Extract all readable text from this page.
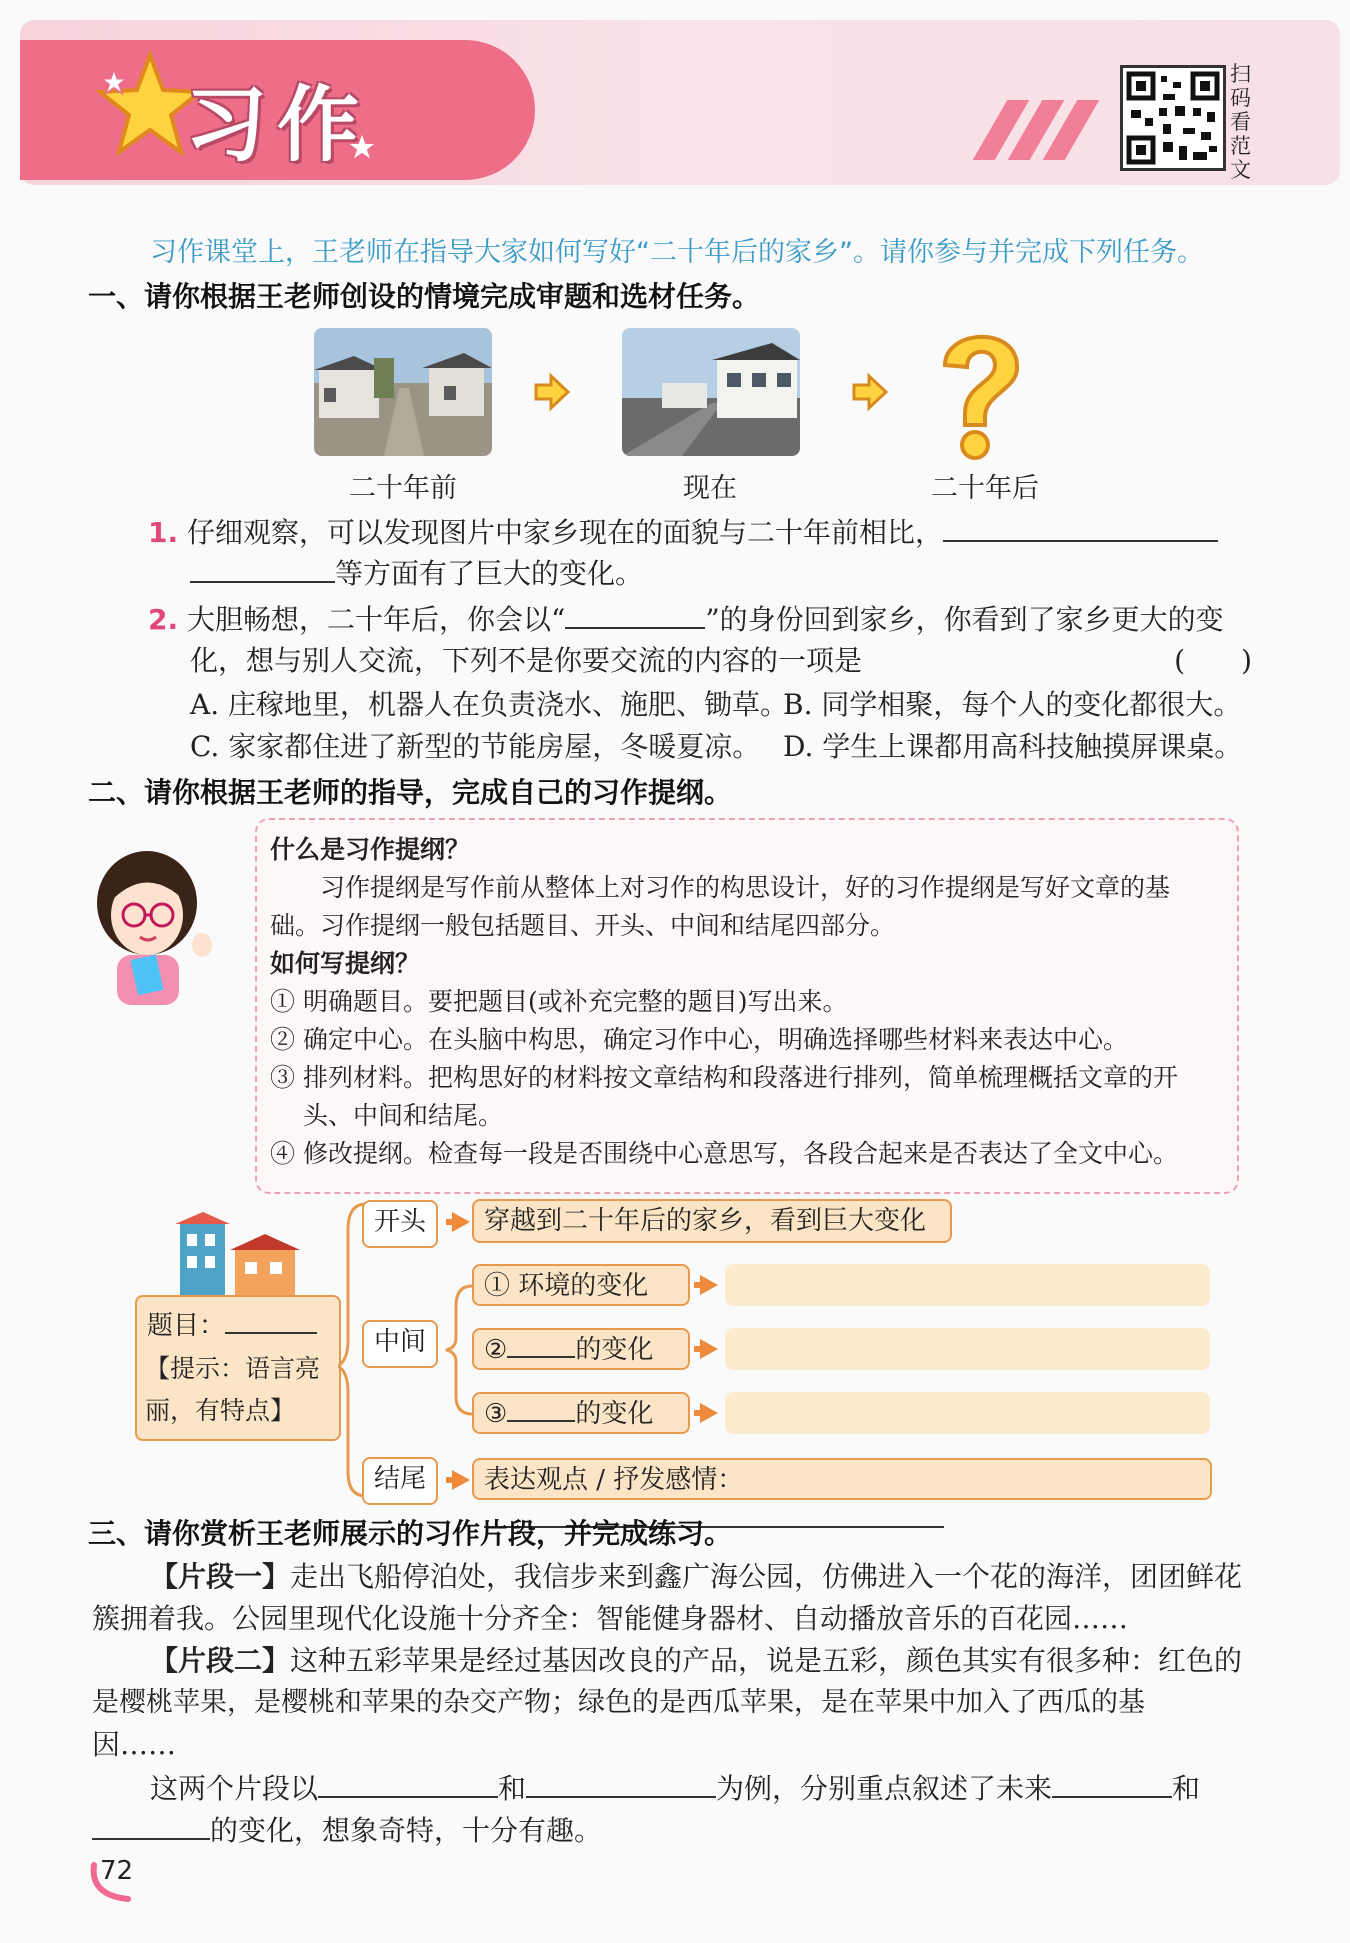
习作
扫码看范文
习作课堂上，王老师在指导大家如何写好“二十年后的家乡”。请你参与并完成下列任务。
一、请你根据王老师创设的情境完成审题和选材任务。
二十年前	现在	二十年后
1. 仔细观察，可以发现图片中家乡现在的面貌与二十年前相比，
等方面有了巨大的变化。
2. 大胆畅想，二十年后，你会以“	”的身份回到家乡，你看到了家乡更大的变
化，想与别人交流，下列不是你要交流的内容的一项是	(　　)
A. 庄稼地里，机器人在负责浇水、施肥、锄草。
B. 同学相聚，每个人的变化都很大。
C. 家家都住进了新型的节能房屋，冬暖夏凉。 D. 学生上课都用高科技触摸屏课桌。
二、请你根据王老师的指导，完成自己的习作提纲。
什么是习作提纲？
习作提纲是写作前从整体上对习作的构思设计，好的习作提纲是写好文章的基
础。习作提纲一般包括题目、开头、中间和结尾四部分。
如何写提纲？
① 明确题目。要把题目(或补充完整的题目)写出来。
② 确定中心。在头脑中构思，确定习作中心，明确选择哪些材料来表达中心。
③ 排列材料。把构思好的材料按文章结构和段落进行排列，简单梳理概括文章的开
头、中间和结尾。
④ 修改提纲。检查每一段是否围绕中心意思写，各段合起来是否表达了全文中心。
题目：
【提示：语言亮
丽，有特点】
开头	穿越到二十年后的家乡，看到巨大变化
中间
① 环境的变化
②	的变化
③	的变化
结尾	表达观点 / 抒发感情：
三、请你赏析王老师展示的习作片段，并完成练习。
【片段一】走出飞船停泊处，我信步来到鑫广海公园，仿佛进入一个花的海洋，团团鲜花
簇拥着我。公园里现代化设施十分齐全：智能健身器材、自动播放音乐的百花园……
【片段二】这种五彩苹果是经过基因改良的产品，说是五彩，颜色其实有很多种：红色的
是樱桃苹果，是樱桃和苹果的杂交产物；绿色的是西瓜苹果，是在苹果中加入了西瓜的基
因……
这两个片段以	和	为例，分别重点叙述了未来	和
的变化，想象奇特，十分有趣。
72
